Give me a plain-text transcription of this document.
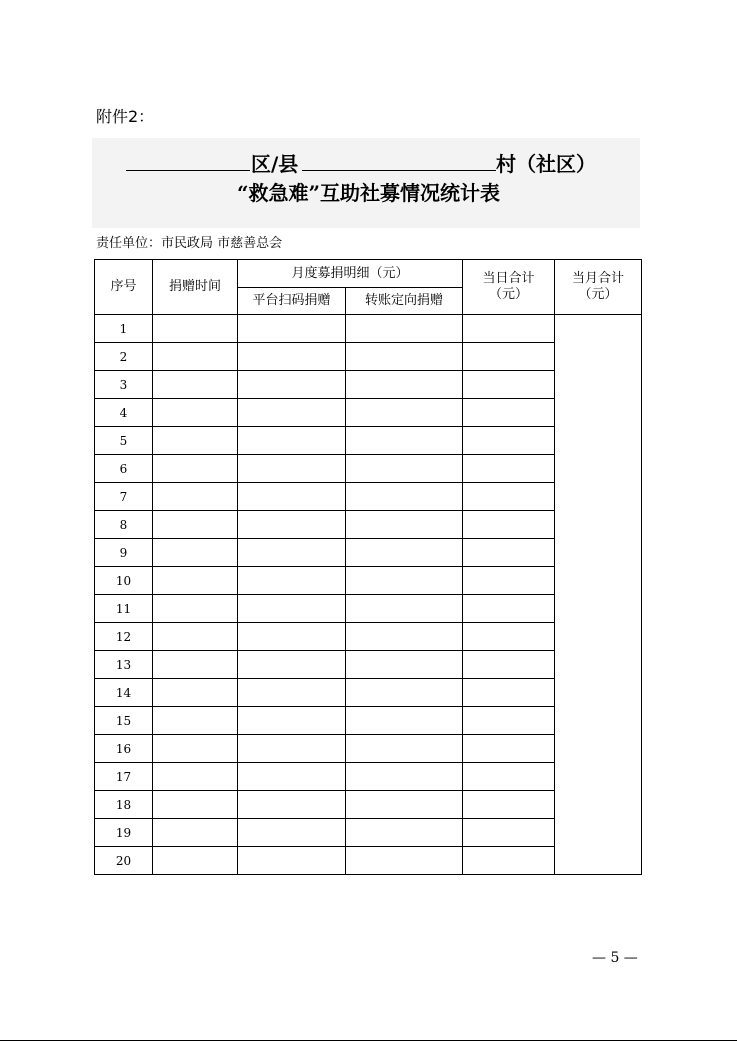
附件2：
区/县	村（社区）
“救急难”互助社募情况统计表
责任单位：市民政局 市慈善总会
序号	捐赠时间	月度募捐明细（元）		当日合计（元）	当月合计（元）
		平台扫码捐赠	转账定向捐赠		
1					
2					
3					
4					
5					
6					
7					
8					
9					
10					
11					
12					
13					
14					
15					
16					
17					
18					
19					
20					
— 5 —
